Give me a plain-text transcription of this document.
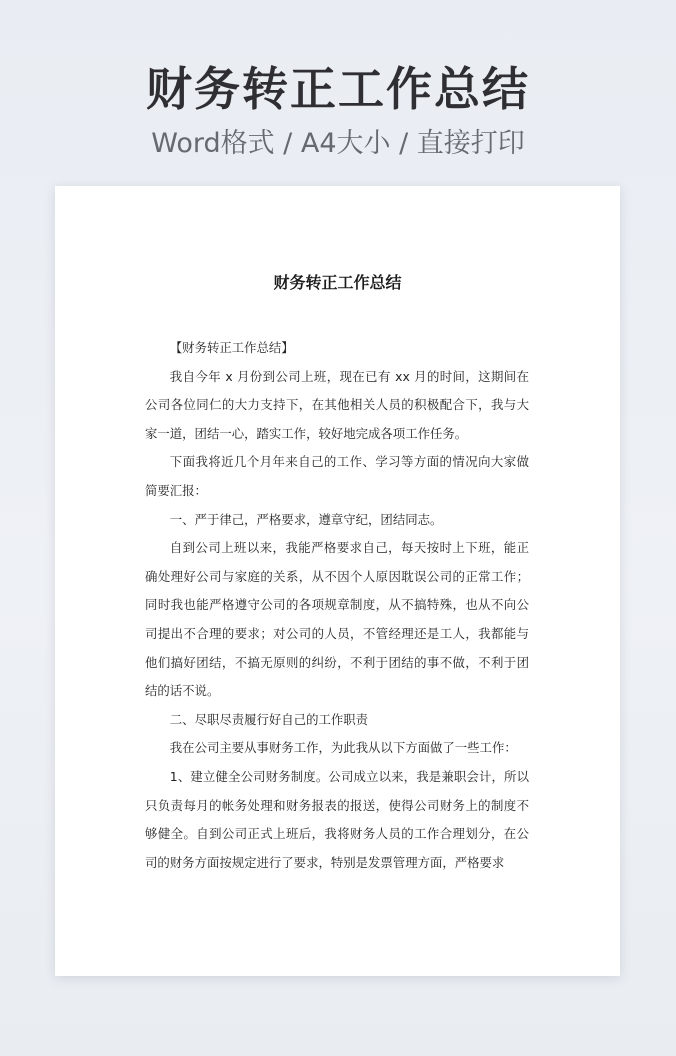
财务转正工作总结
Word格式 / A4大小 / 直接打印
财务转正工作总结

【财务转正工作总结】

我自今年 x 月份到公司上班，现在已有 xx 月的时间，这期间在公司各位同仁的大力支持下，在其他相关人员的积极配合下，我与大家一道，团结一心，踏实工作，较好地完成各项工作任务。

下面我将近几个月年来自己的工作、学习等方面的情况向大家做简要汇报：

一、严于律己，严格要求，遵章守纪，团结同志。

自到公司上班以来，我能严格要求自己，每天按时上下班，能正确处理好公司与家庭的关系，从不因个人原因耽误公司的正常工作；同时我也能严格遵守公司的各项规章制度，从不搞特殊，也从不向公司提出不合理的要求；对公司的人员，不管经理还是工人，我都能与他们搞好团结，不搞无原则的纠纷，不利于团结的事不做，不利于团结的话不说。

二、尽职尽责履行好自己的工作职责

我在公司主要从事财务工作，为此我从以下方面做了一些工作：

1、建立健全公司财务制度。公司成立以来，我是兼职会计，所以只负责每月的帐务处理和财务报表的报送，使得公司财务上的制度不够健全。自到公司正式上班后，我将财务人员的工作合理划分，在公司的财务方面按规定进行了要求，特别是发票管理方面，严格要求
